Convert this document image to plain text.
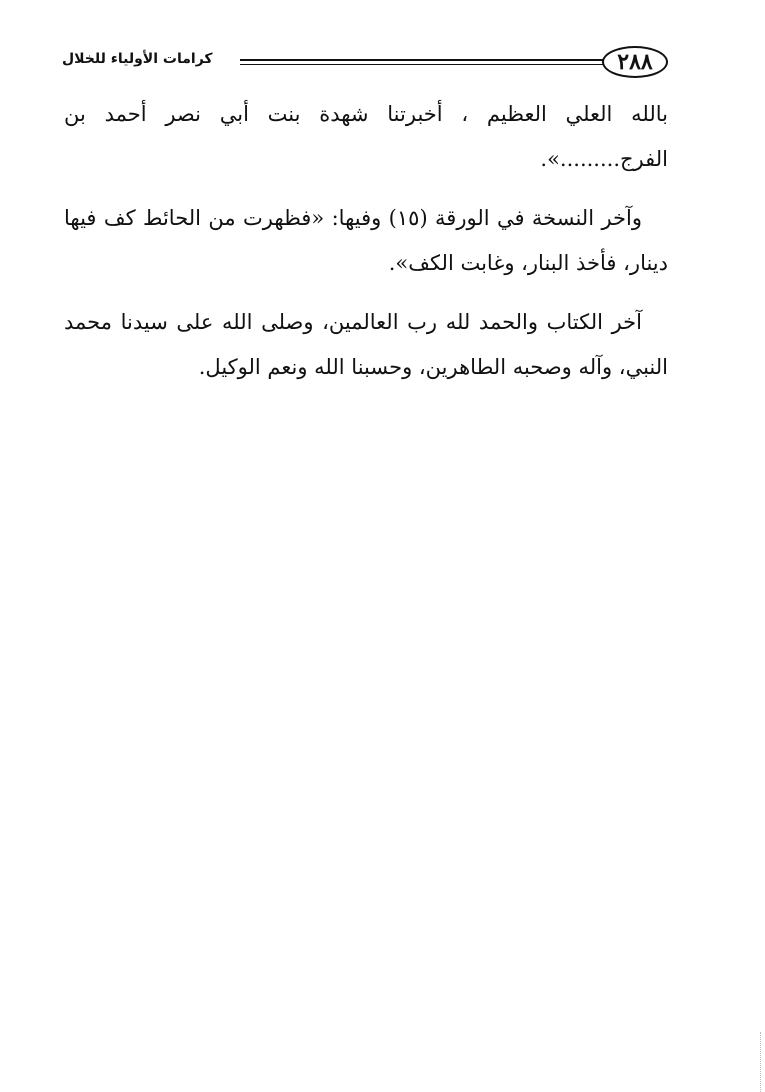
٢٨٨
كرامات الأولياء للخلال

بالله العلي العظيم ، أخبرتنا شهدة بنت أبي نصر أحمد بن
الفرج.........».

وآخر النسخة في الورقة (١٥) وفيها: «فظهرت من الحائط كف فيها
دينار، فأخذ البنار، وغابت الكف».

آخر الكتاب والحمد لله رب العالمين، وصلى الله على سيدنا محمد
النبي، وآله وصحبه الطاهرين، وحسبنا الله ونعم الوكيل.
